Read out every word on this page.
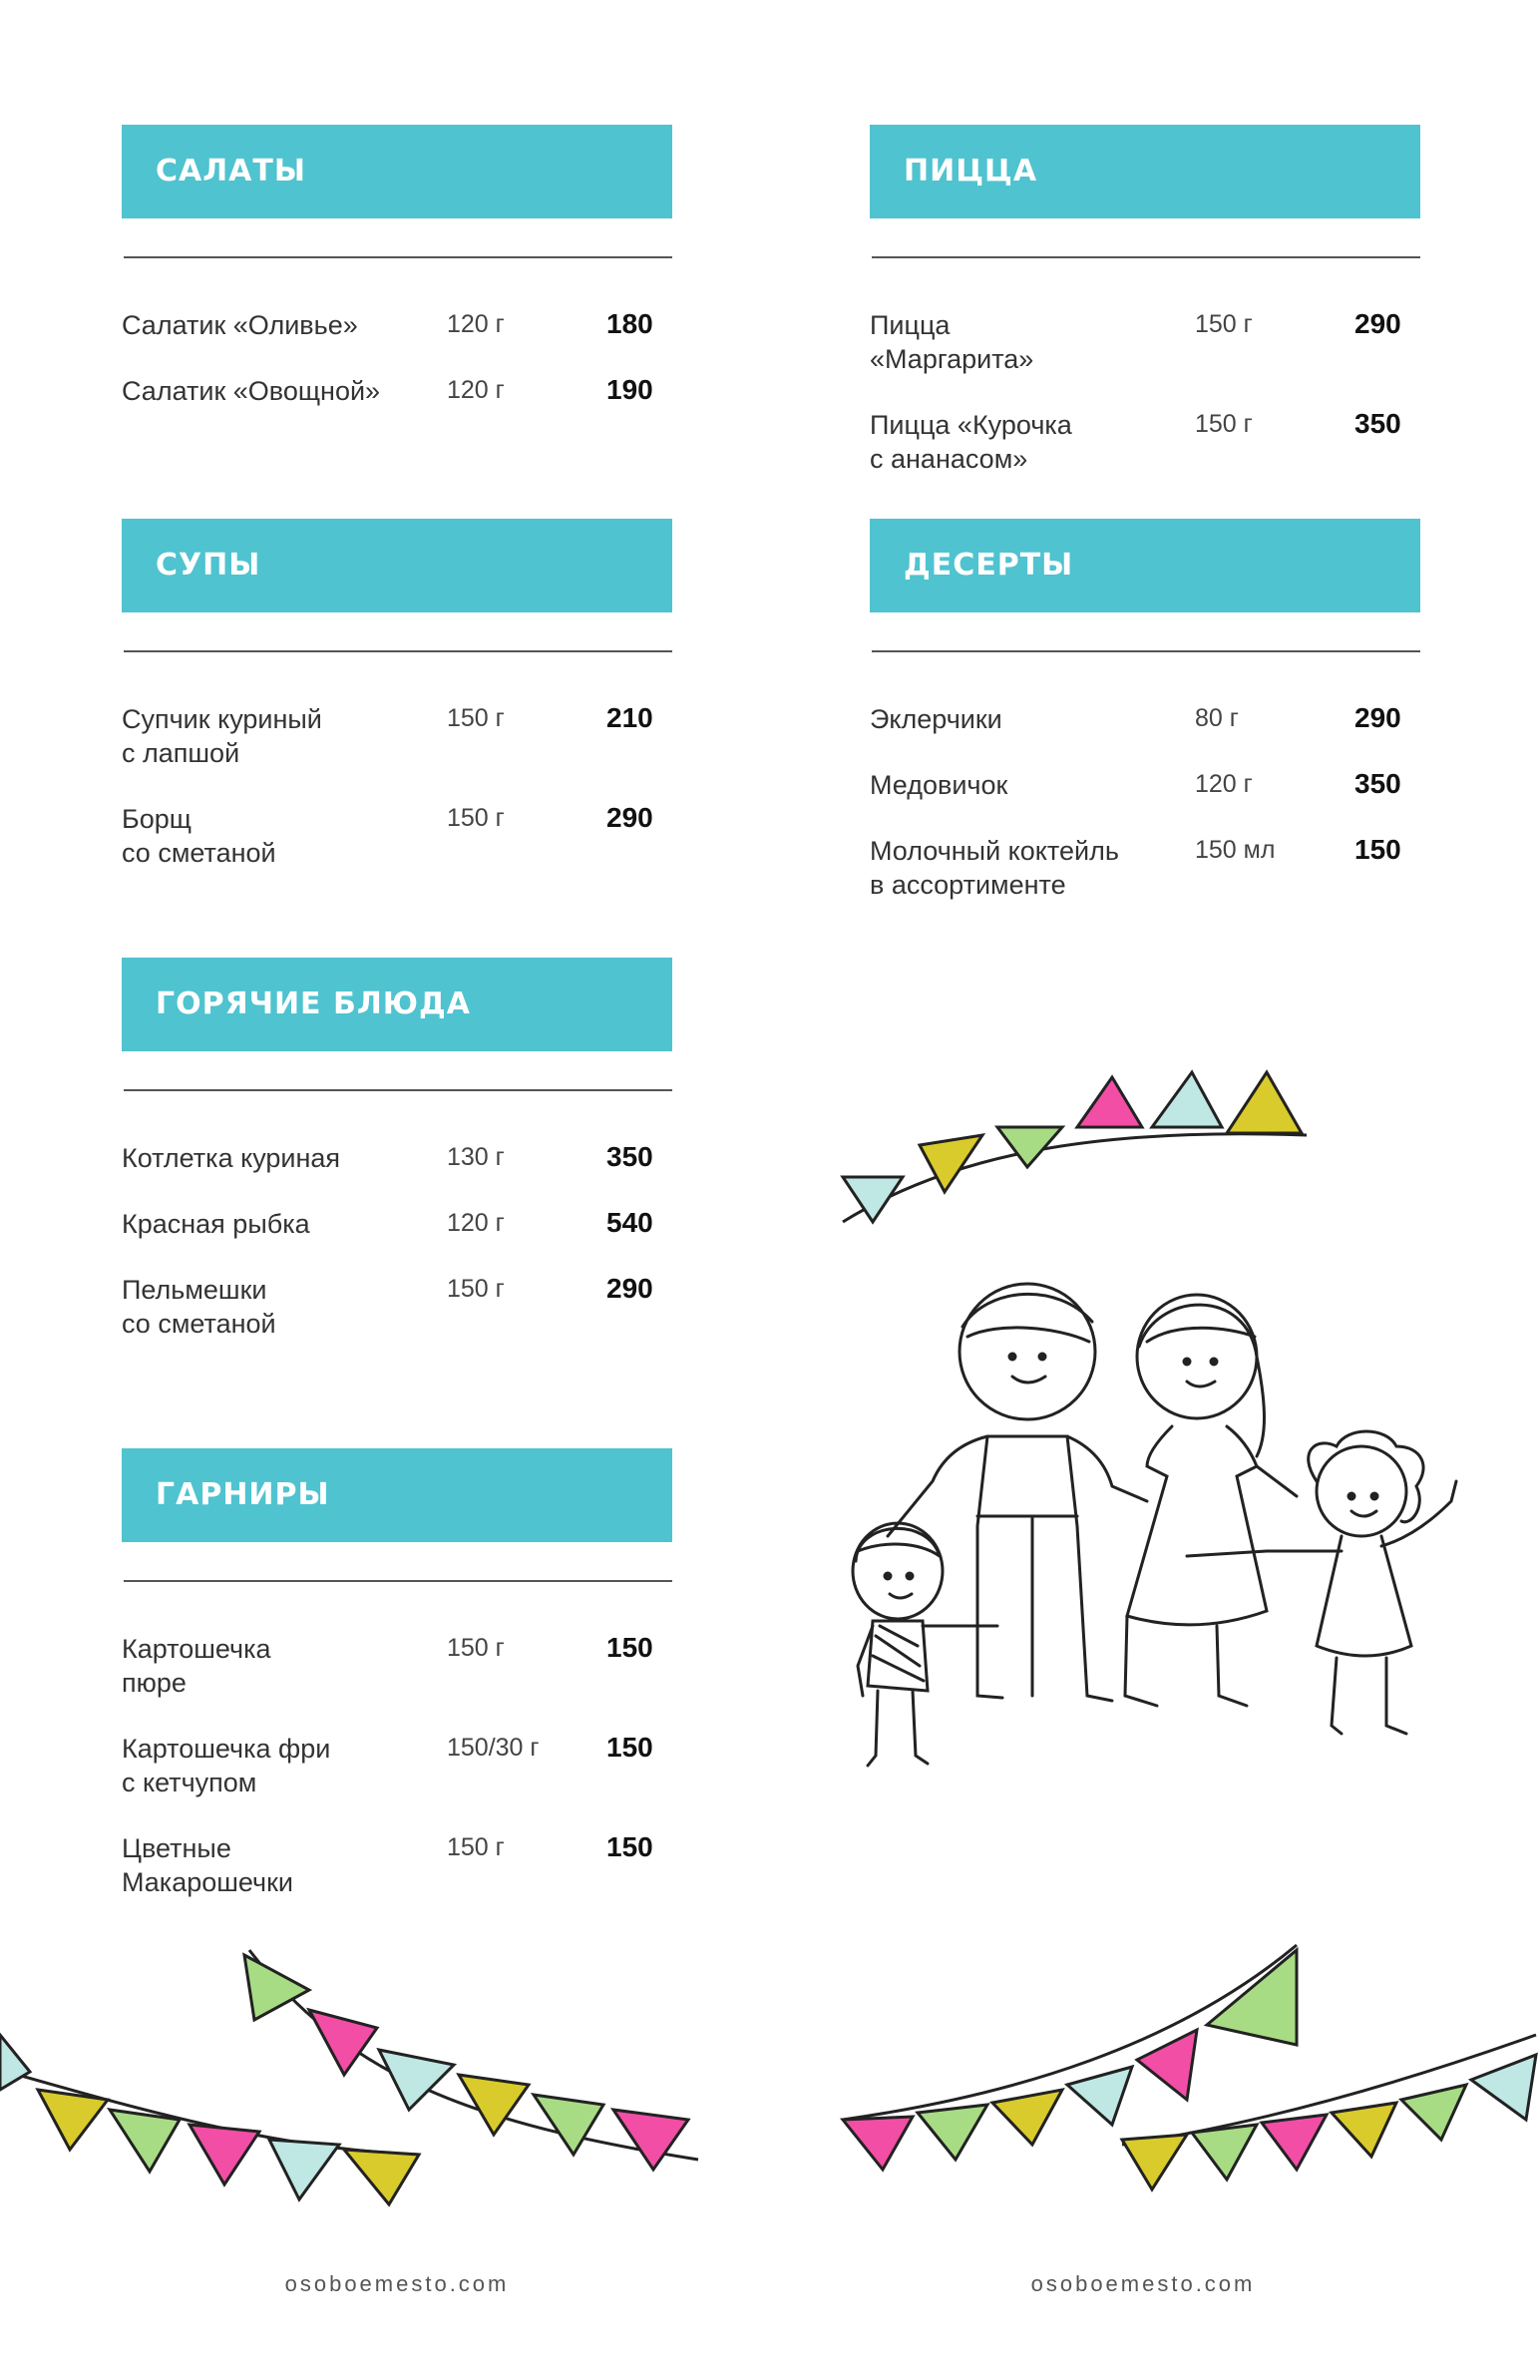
САЛАТЫ
Салатик «Оливье»	120 г	180
Салатик «Овощной»	120 г	190
СУПЫ
Супчик куриный
с лапшой
150 г	210
Борщ
со сметаной
150 г	290
ГОРЯЧИЕ БЛЮДА
Котлетка куриная	130 г	350
Красная рыбка	120 г	540
Пельмешки
со сметаной
150 г	290
ГАРНИРЫ
Картошечка
пюре
150 г	150
Картошечка фри
с кетчупом
150/30 г 150
Цветные
Макарошечки
150 г	150
ПИЦЦА
Пицца
«Маргарита»
150 г	290
Пицца «Курочка
с ананасом»
150 г	350
ДЕСЕРТЫ
Эклерчики	80 г	290
Медовичок	120 г	350
Молочный коктейль
в ассортименте
150 мл	150
osoboemesto.com	osoboemesto.com
